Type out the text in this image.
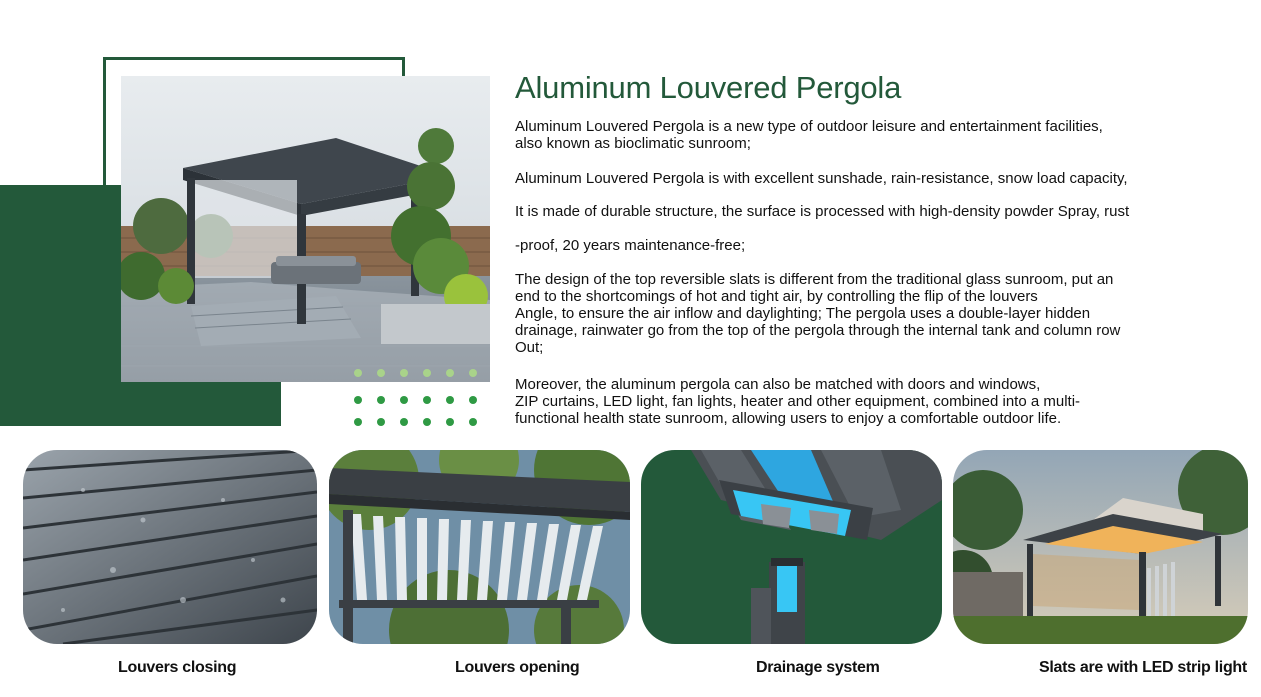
Aluminum Louvered Pergola

Aluminum Louvered Pergola is a new type of outdoor leisure and entertainment facilities,
also known as bioclimatic sunroom;

Aluminum Louvered Pergola is with excellent sunshade, rain-resistance, snow load capacity,

It is made of durable structure, the surface is processed with high-density powder Spray, rust

-proof, 20 years maintenance-free;

The design of the top reversible slats is different from the traditional glass sunroom, put an
end to the shortcomings of hot and tight air, by controlling the flip of the louvers
Angle, to ensure the air inflow and daylighting; The pergola uses a double-layer hidden
drainage, rainwater go from the top of the pergola through the internal tank and column row
Out;

Moreover, the aluminum pergola can also be matched with doors and windows,
ZIP curtains, LED light, fan lights, heater and other equipment, combined into a multi-
functional health state sunroom, allowing users to enjoy a comfortable outdoor life.

Louvers closing	Louvers opening	Drainage system	Slats are with LED strip light
